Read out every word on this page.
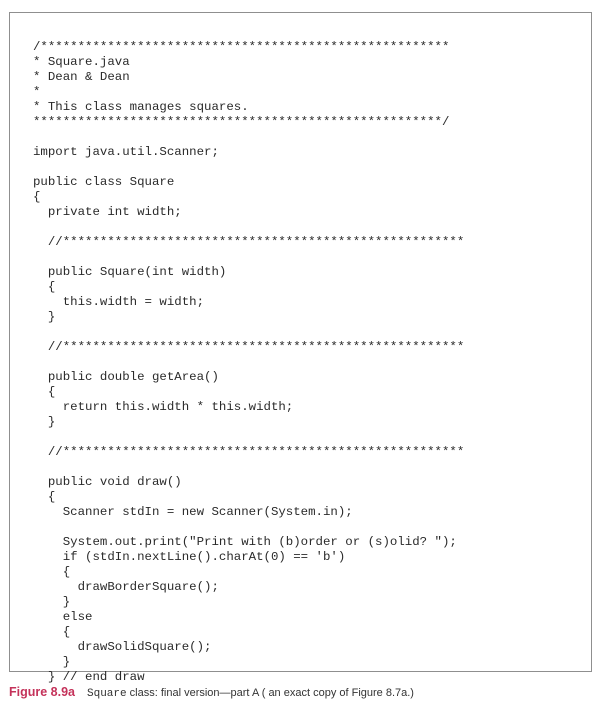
/*******************************************************
* Square.java
* Dean & Dean
*
* This class manages squares.
*******************************************************/
import java.util.Scanner;
public class Square
{
private int width;
//******************************************************
public Square(int width)
{
this.width = width;
}
//******************************************************
public double getArea()
{
return this.width * this.width;
}
//******************************************************
public void draw()
{
Scanner stdIn = new Scanner(System.in);
System.out.print("Print with (b)order or (s)olid? ");
if (stdIn.nextLine().charAt(0) == 'b')
{
drawBorderSquare();
}
else
{
drawSolidSquare();
}
} // end draw
Figure 8.9a Square class: final version—part A ( an exact copy of Figure 8.7a.)
